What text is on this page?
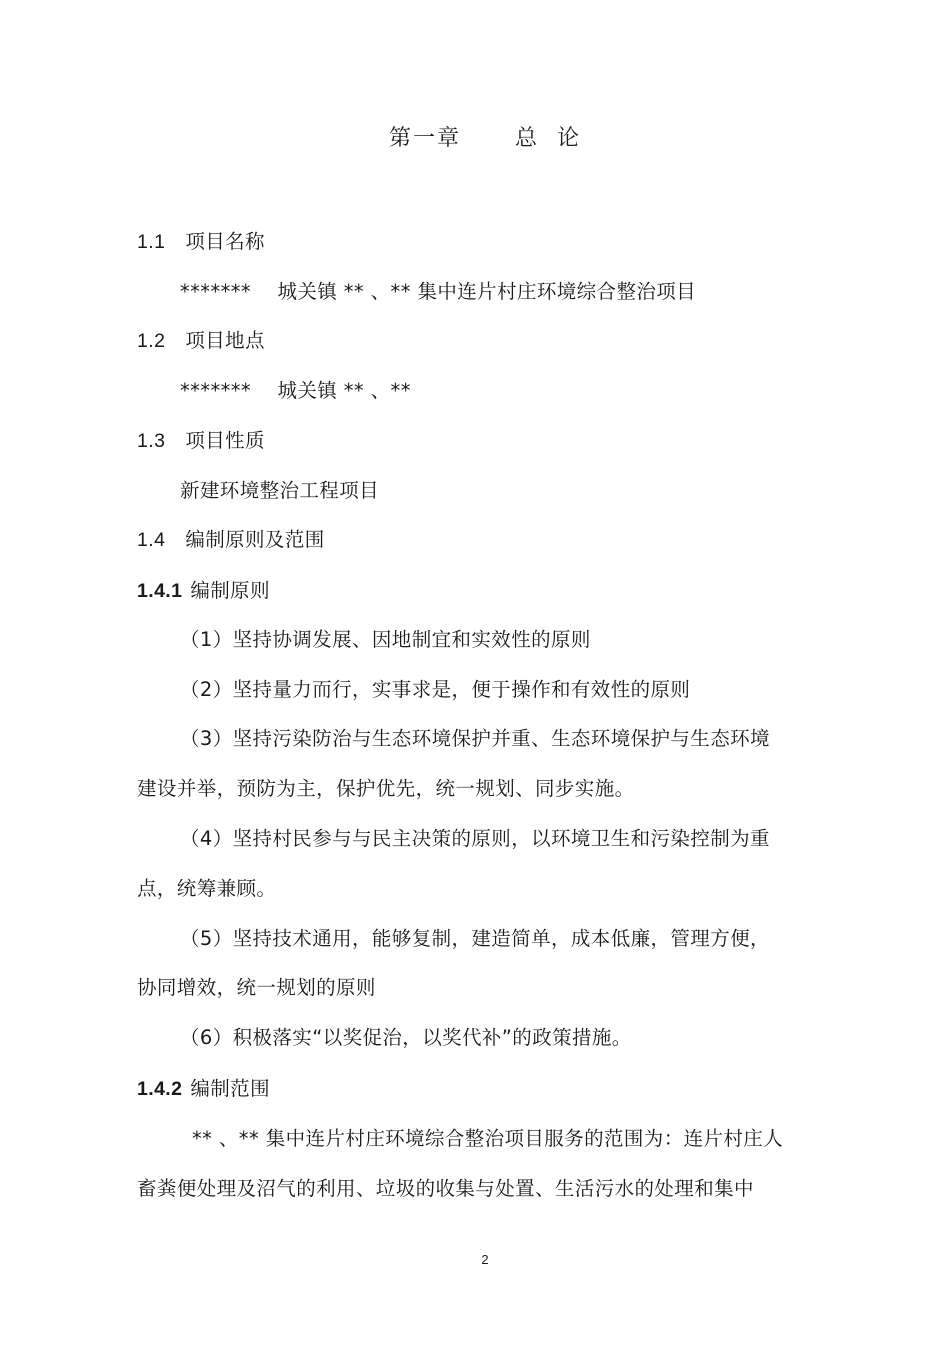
第一章      总  论
1.1 项目名称
*******    城关镇 ** 、** 集中连片村庄环境综合整治项目
1.2 项目地点
*******    城关镇 ** 、**
1.3 项目性质
新建环境整治工程项目
1.4 编制原则及范围
1.4.1 编制原则
（1）坚持协调发展、因地制宜和实效性的原则
（2）坚持量力而行，实事求是，便于操作和有效性的原则
（3）坚持污染防治与生态环境保护并重、生态环境保护与生态环境
建设并举，预防为主，保护优先，统一规划、同步实施。
（4）坚持村民参与与民主决策的原则，以环境卫生和污染控制为重
点，统筹兼顾。
（5）坚持技术通用，能够复制，建造简单，成本低廉，管理方便，
协同增效，统一规划的原则
（6）积极落实“以奖促治，以奖代补”的政策措施。
1.4.2 编制范围
** 、** 集中连片村庄环境综合整治项目服务的范围为：连片村庄人
畜粪便处理及沼气的利用、垃圾的收集与处置、生活污水的处理和集中
2
